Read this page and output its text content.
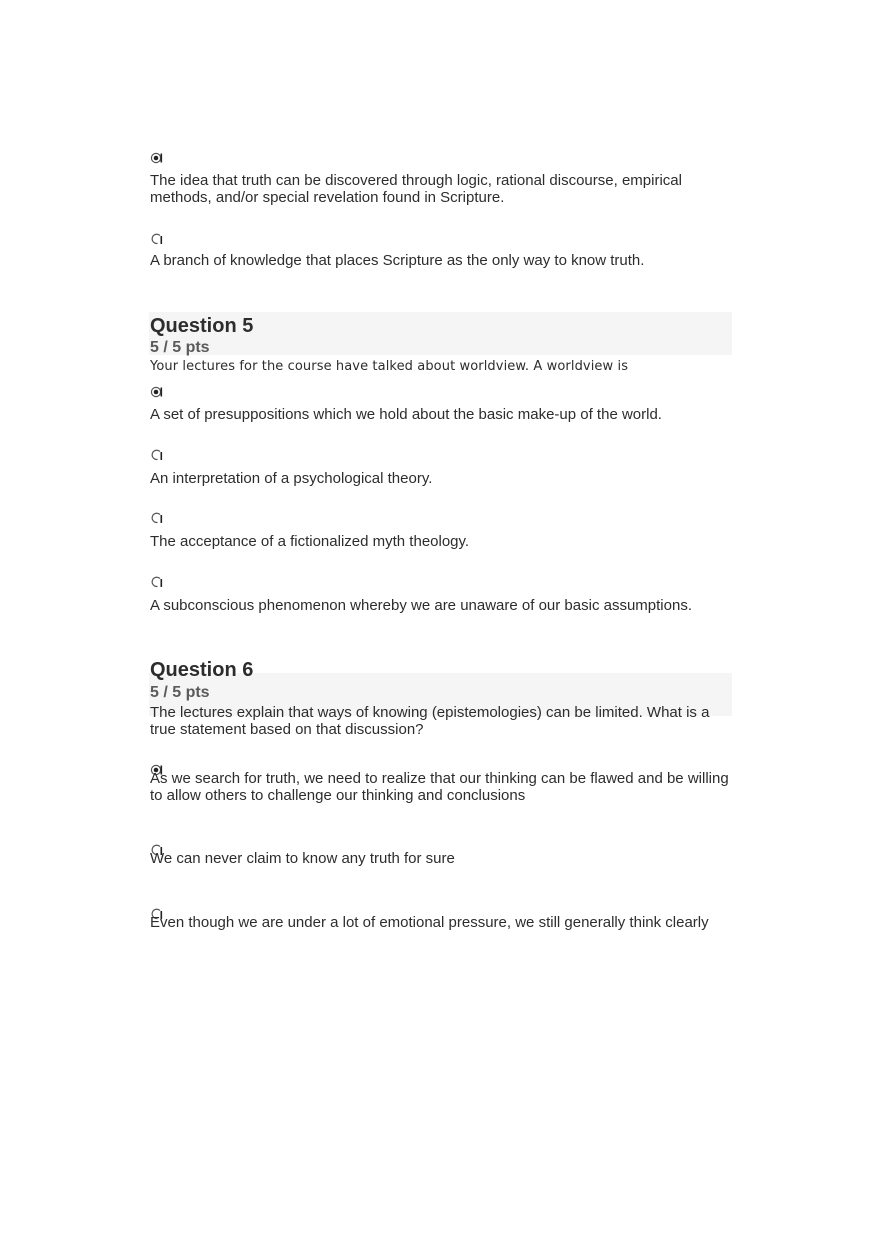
The idea that truth can be discovered through logic, rational discourse, empirical methods, and/or special revelation found in Scripture.
A branch of knowledge that places Scripture as the only way to know truth.
Question 5
5 / 5 pts
Your lectures for the course have talked about worldview. A worldview is
A set of presuppositions which we hold about the basic make-up of the world.
An interpretation of a psychological theory.
The acceptance of a fictionalized myth theology.
A subconscious phenomenon whereby we are unaware of our basic assumptions.
Question 6
5 / 5 pts
The lectures explain that ways of knowing (epistemologies) can be limited. What is a true statement based on that discussion?
As we search for truth, we need to realize that our thinking can be flawed and be willing to allow others to challenge our thinking and conclusions
We can never claim to know any truth for sure
Even though we are under a lot of emotional pressure, we still generally think clearly
